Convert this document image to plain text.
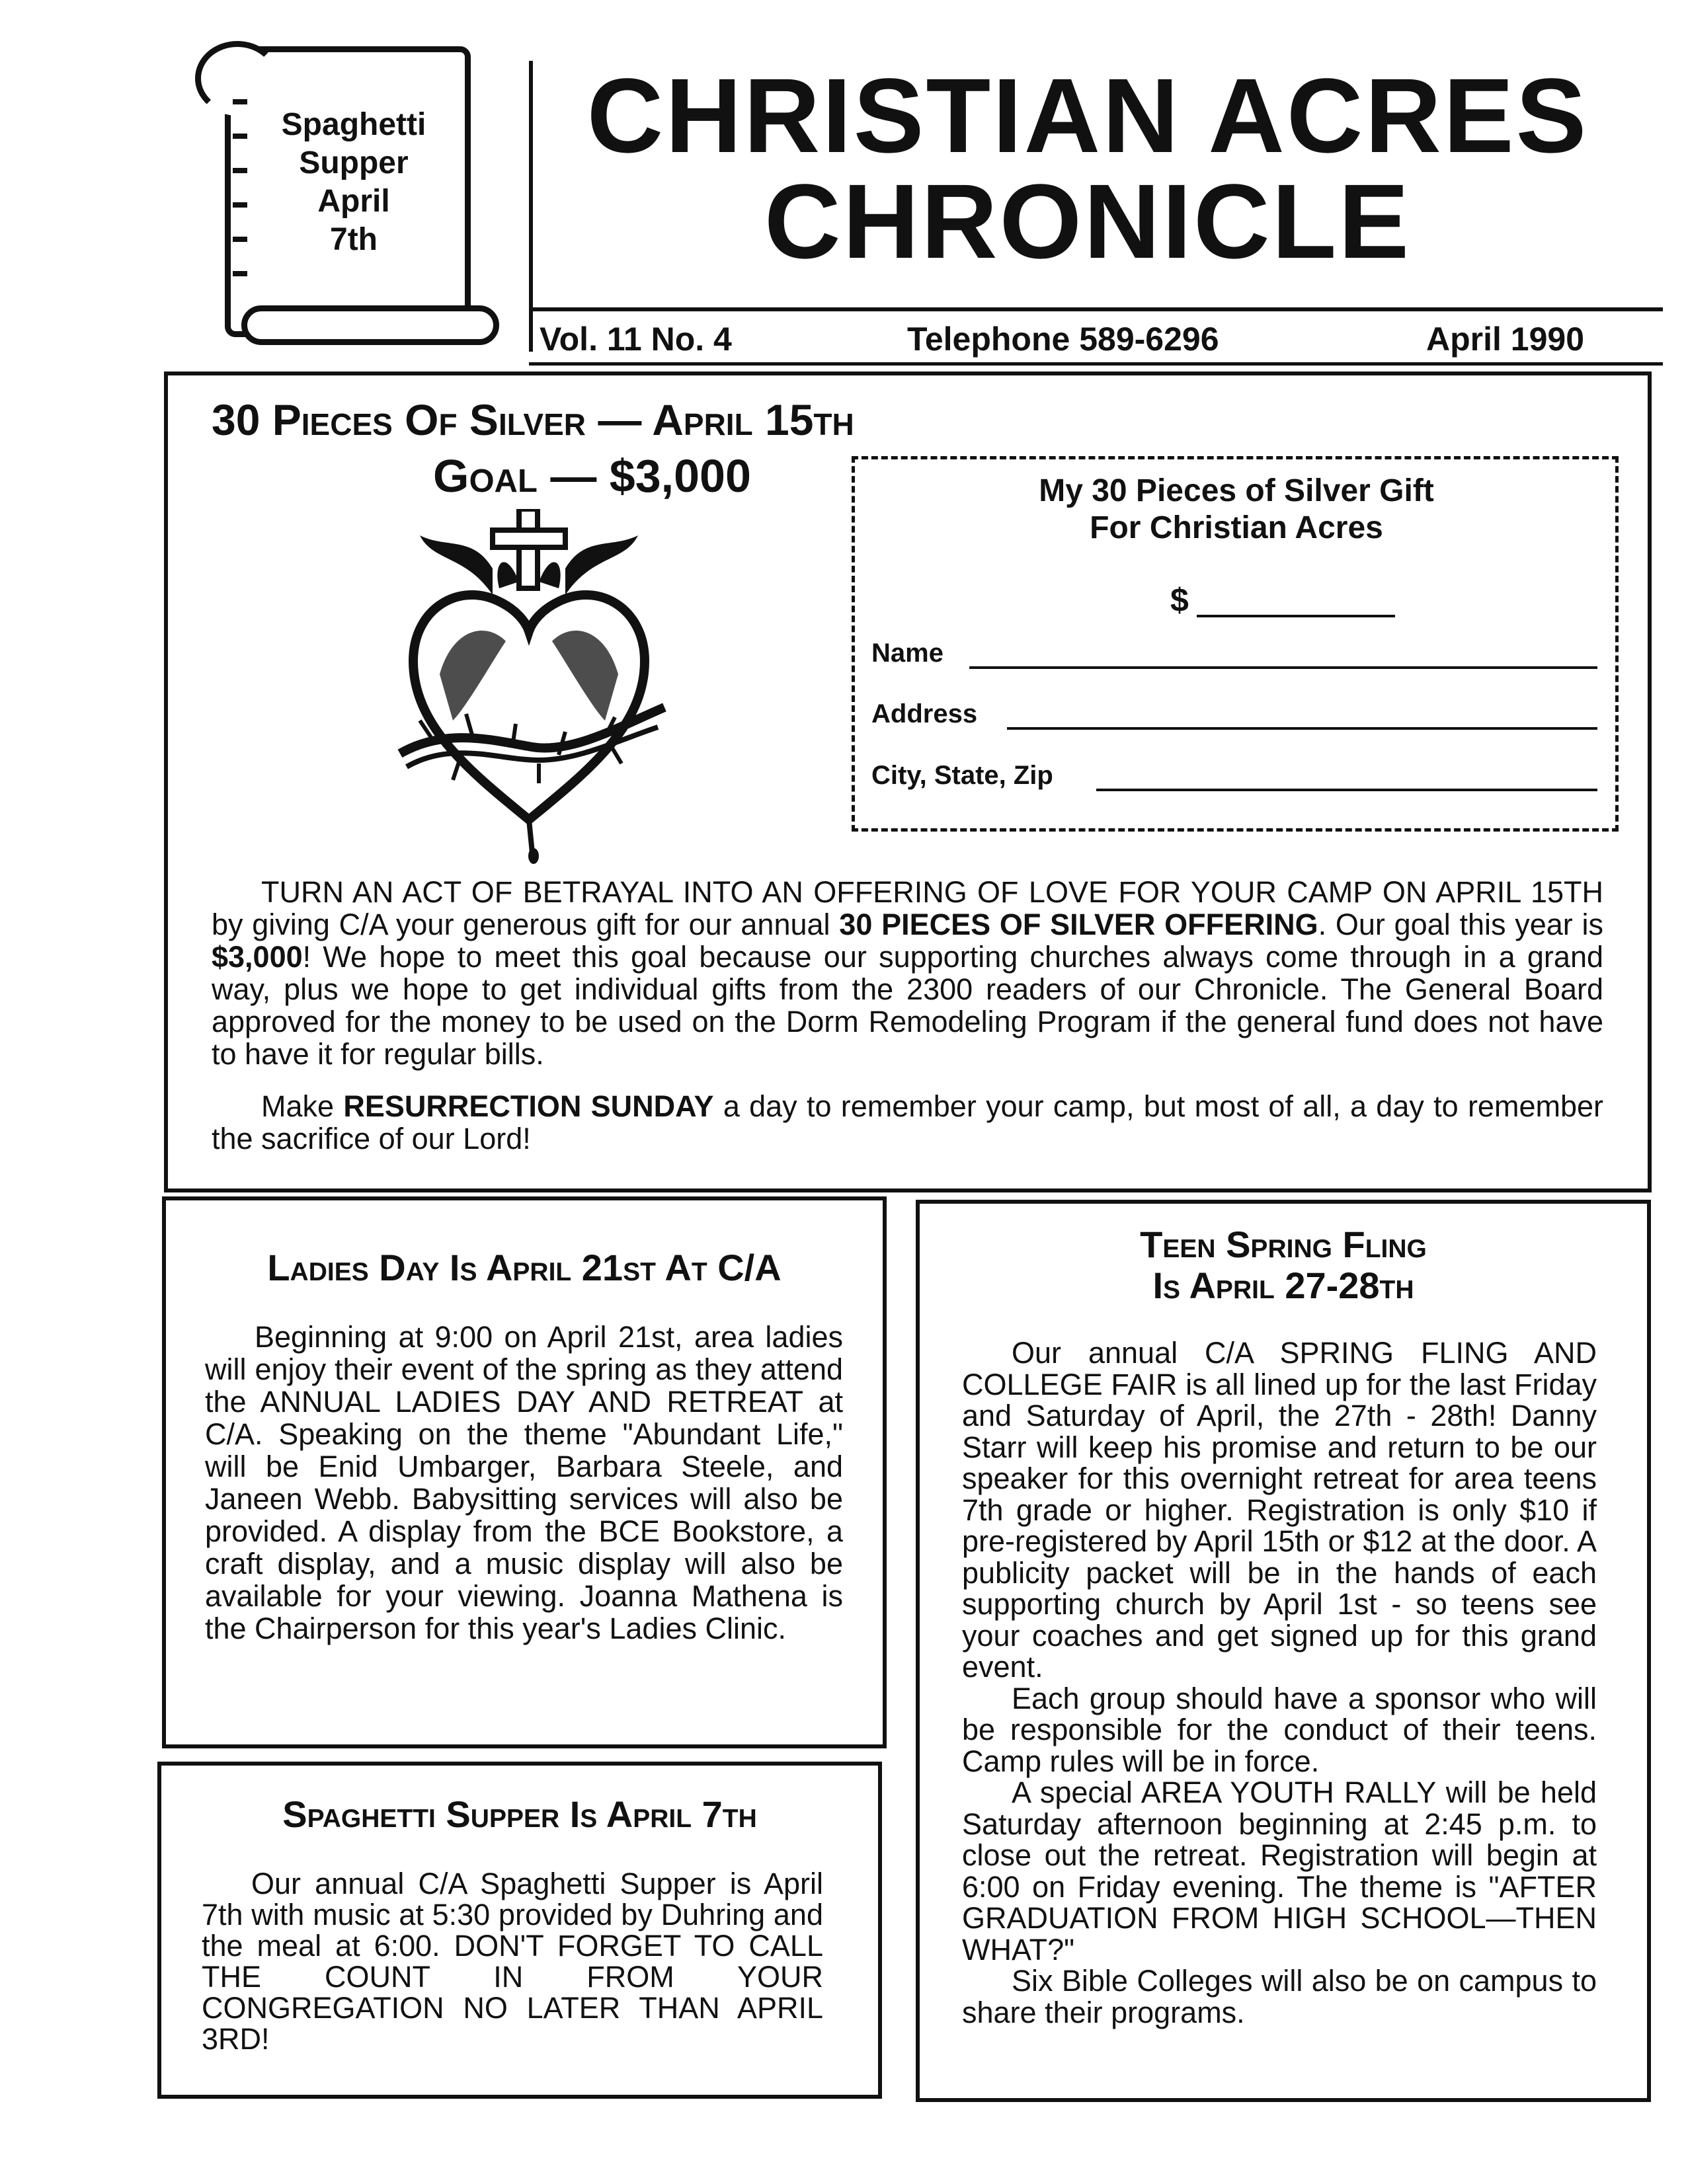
Spaghetti
Supper
April
7th
CHRISTIAN ACRES
CHRONICLE
Vol. 11 No. 4	Telephone 589-6296	April 1990
30 Pieces Of Silver — April 15th
Goal — $3,000	My 30 Pieces of Silver Gift
For Christian Acres
$
Name
Address
City, State, Zip

TURN AN ACT OF BETRAYAL INTO AN OFFERING OF LOVE FOR YOUR CAMP ON APRIL 15TH by giving C/A your generous gift for our annual 30 PIECES OF SILVER OFFERING. Our goal this year is $3,000! We hope to meet this goal because our supporting churches always come through in a grand way, plus we hope to get individual gifts from the 2300 readers of our Chronicle. The General Board approved for the money to be used on the Dorm Remodeling Program if the general fund does not have to have it for regular bills.

Make RESURRECTION SUNDAY a day to remember your camp, but most of all, a day to remember the sacrifice of our Lord!

Ladies Day Is April 21st At C/A

Beginning at 9:00 on April 21st, area ladies will enjoy their event of the spring as they attend the ANNUAL LADIES DAY AND RETREAT at C/A. Speaking on the theme "Abundant Life," will be Enid Umbarger, Barbara Steele, and Janeen Webb. Babysitting services will also be provided. A display from the BCE Bookstore, a craft display, and a music display will also be available for your viewing. Joanna Mathena is the Chairperson for this year's Ladies Clinic.

Spaghetti Supper Is April 7th

Our annual C/A Spaghetti Supper is April 7th with music at 5:30 provided by Duhring and the meal at 6:00. DON'T FORGET TO CALL THE COUNT IN FROM YOUR CONGREGATION NO LATER THAN APRIL 3RD!

Teen Spring Fling
Is April 27-28th

Our annual C/A SPRING FLING AND COLLEGE FAIR is all lined up for the last Friday and Saturday of April, the 27th - 28th! Danny Starr will keep his promise and return to be our speaker for this overnight retreat for area teens 7th grade or higher. Registration is only $10 if pre-registered by April 15th or $12 at the door. A publicity packet will be in the hands of each supporting church by April 1st - so teens see your coaches and get signed up for this grand event.

Each group should have a sponsor who will be responsible for the conduct of their teens. Camp rules will be in force.

A special AREA YOUTH RALLY will be held Saturday afternoon beginning at 2:45 p.m. to close out the retreat. Registration will begin at 6:00 on Friday evening. The theme is "AFTER GRADUATION FROM HIGH SCHOOL—THEN WHAT?"

Six Bible Colleges will also be on campus to share their programs.
